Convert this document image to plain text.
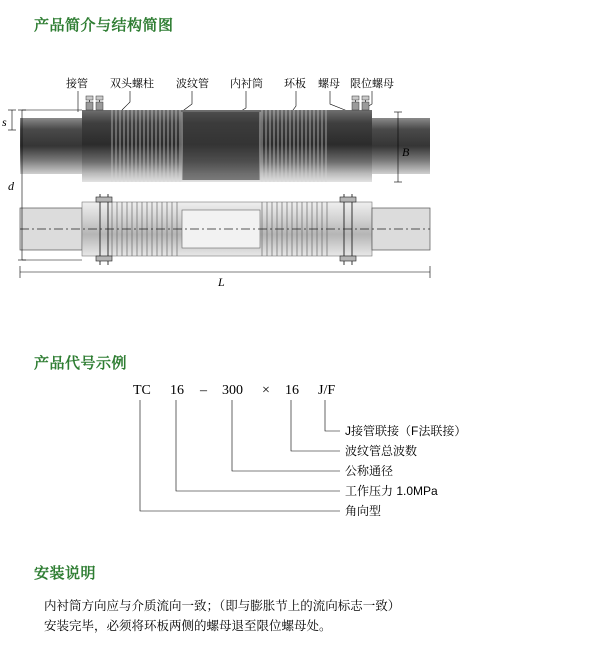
产品简介与结构简图
产品代号示例
安装说明
接管 双头螺柱 波纹管 内衬筒 环板 螺母 限位螺母
s
d
B
L
TC 16 – 300 × 16 J/F
J接管联接（F法联接）
波纹管总波数
公称通径
工作压力 1.0MPa
角向型
内衬筒方向应与介质流向一致；（即与膨胀节上的流向标志一致）
安装完毕，必须将环板两侧的螺母退至限位螺母处。
